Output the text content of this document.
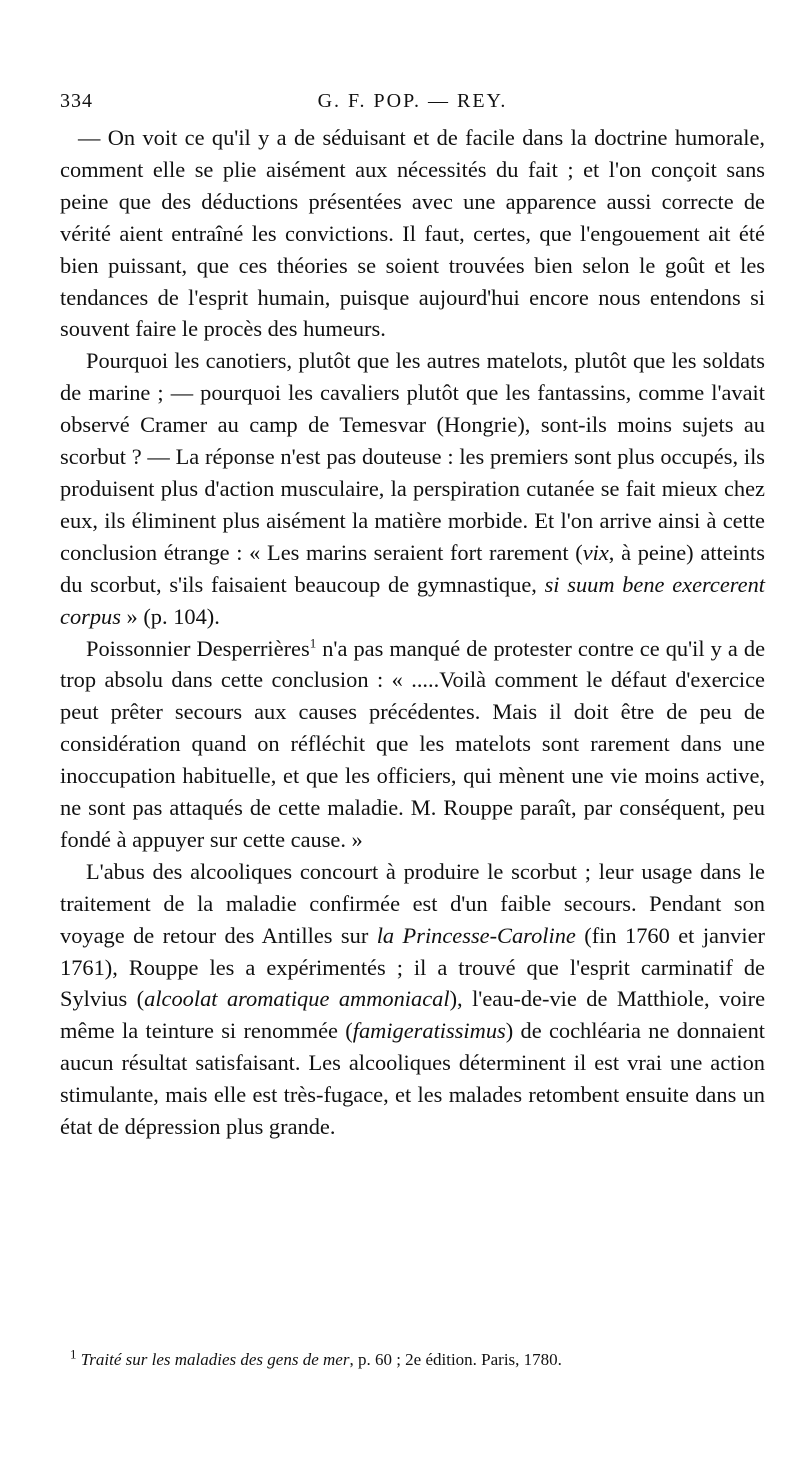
334	G. F. POP. — REY.

— On voit ce qu'il y a de séduisant et de facile dans la doctrine humorale, comment elle se plie aisément aux nécessités du fait ; et l'on conçoit sans peine que des déductions présentées avec une apparence aussi correcte de vérité aient entraîné les convictions. Il faut, certes, que l'engouement ait été bien puissant, que ces théories se soient trouvées bien selon le goût et les tendances de l'esprit humain, puisque aujourd'hui encore nous entendons si souvent faire le procès des humeurs.

Pourquoi les canotiers, plutôt que les autres matelots, plutôt que les soldats de marine ; — pourquoi les cavaliers plutôt que les fantassins, comme l'avait observé Cramer au camp de Temesvar (Hongrie), sont-ils moins sujets au scorbut ? — La réponse n'est pas douteuse : les premiers sont plus occupés, ils produisent plus d'action musculaire, la perspiration cutanée se fait mieux chez eux, ils éliminent plus aisément la matière morbide. Et l'on arrive ainsi à cette conclusion étrange : « Les marins seraient fort rarement (vix, à peine) atteints du scorbut, s'ils faisaient beaucoup de gymnastique, si suum bene exercerent corpus » (p. 104).

Poissonnier Desperrières$^1$ n'a pas manqué de protester contre ce qu'il y a de trop absolu dans cette conclusion : « .....Voilà comment le défaut d'exercice peut prêter secours aux causes précédentes. Mais il doit être de peu de considération quand on réfléchit que les matelots sont rarement dans une inoccupation habituelle, et que les officiers, qui mènent une vie moins active, ne sont pas attaqués de cette maladie. M. Rouppe paraît, par conséquent, peu fondé à appuyer sur cette cause. »

L'abus des alcooliques concourt à produire le scorbut ; leur usage dans le traitement de la maladie confirmée est d'un faible secours. Pendant son voyage de retour des Antilles sur la Princesse-Caroline (fin 1760 et janvier 1761), Rouppe les a expérimentés ; il a trouvé que l'esprit carminatif de Sylvius (alcoolat aromatique ammoniacal), l'eau-de-vie de Matthiole, voire même la teinture si renommée (famigeratissimus) de cochléaria ne donnaient aucun résultat satisfaisant. Les alcooliques déterminent il est vrai une action stimulante, mais elle est très-fugace, et les malades retombent ensuite dans un état de dépression plus grande.

$^1$ Traité sur les maladies des gens de mer, p. 60 ; 2e édition. Paris, 1780.
